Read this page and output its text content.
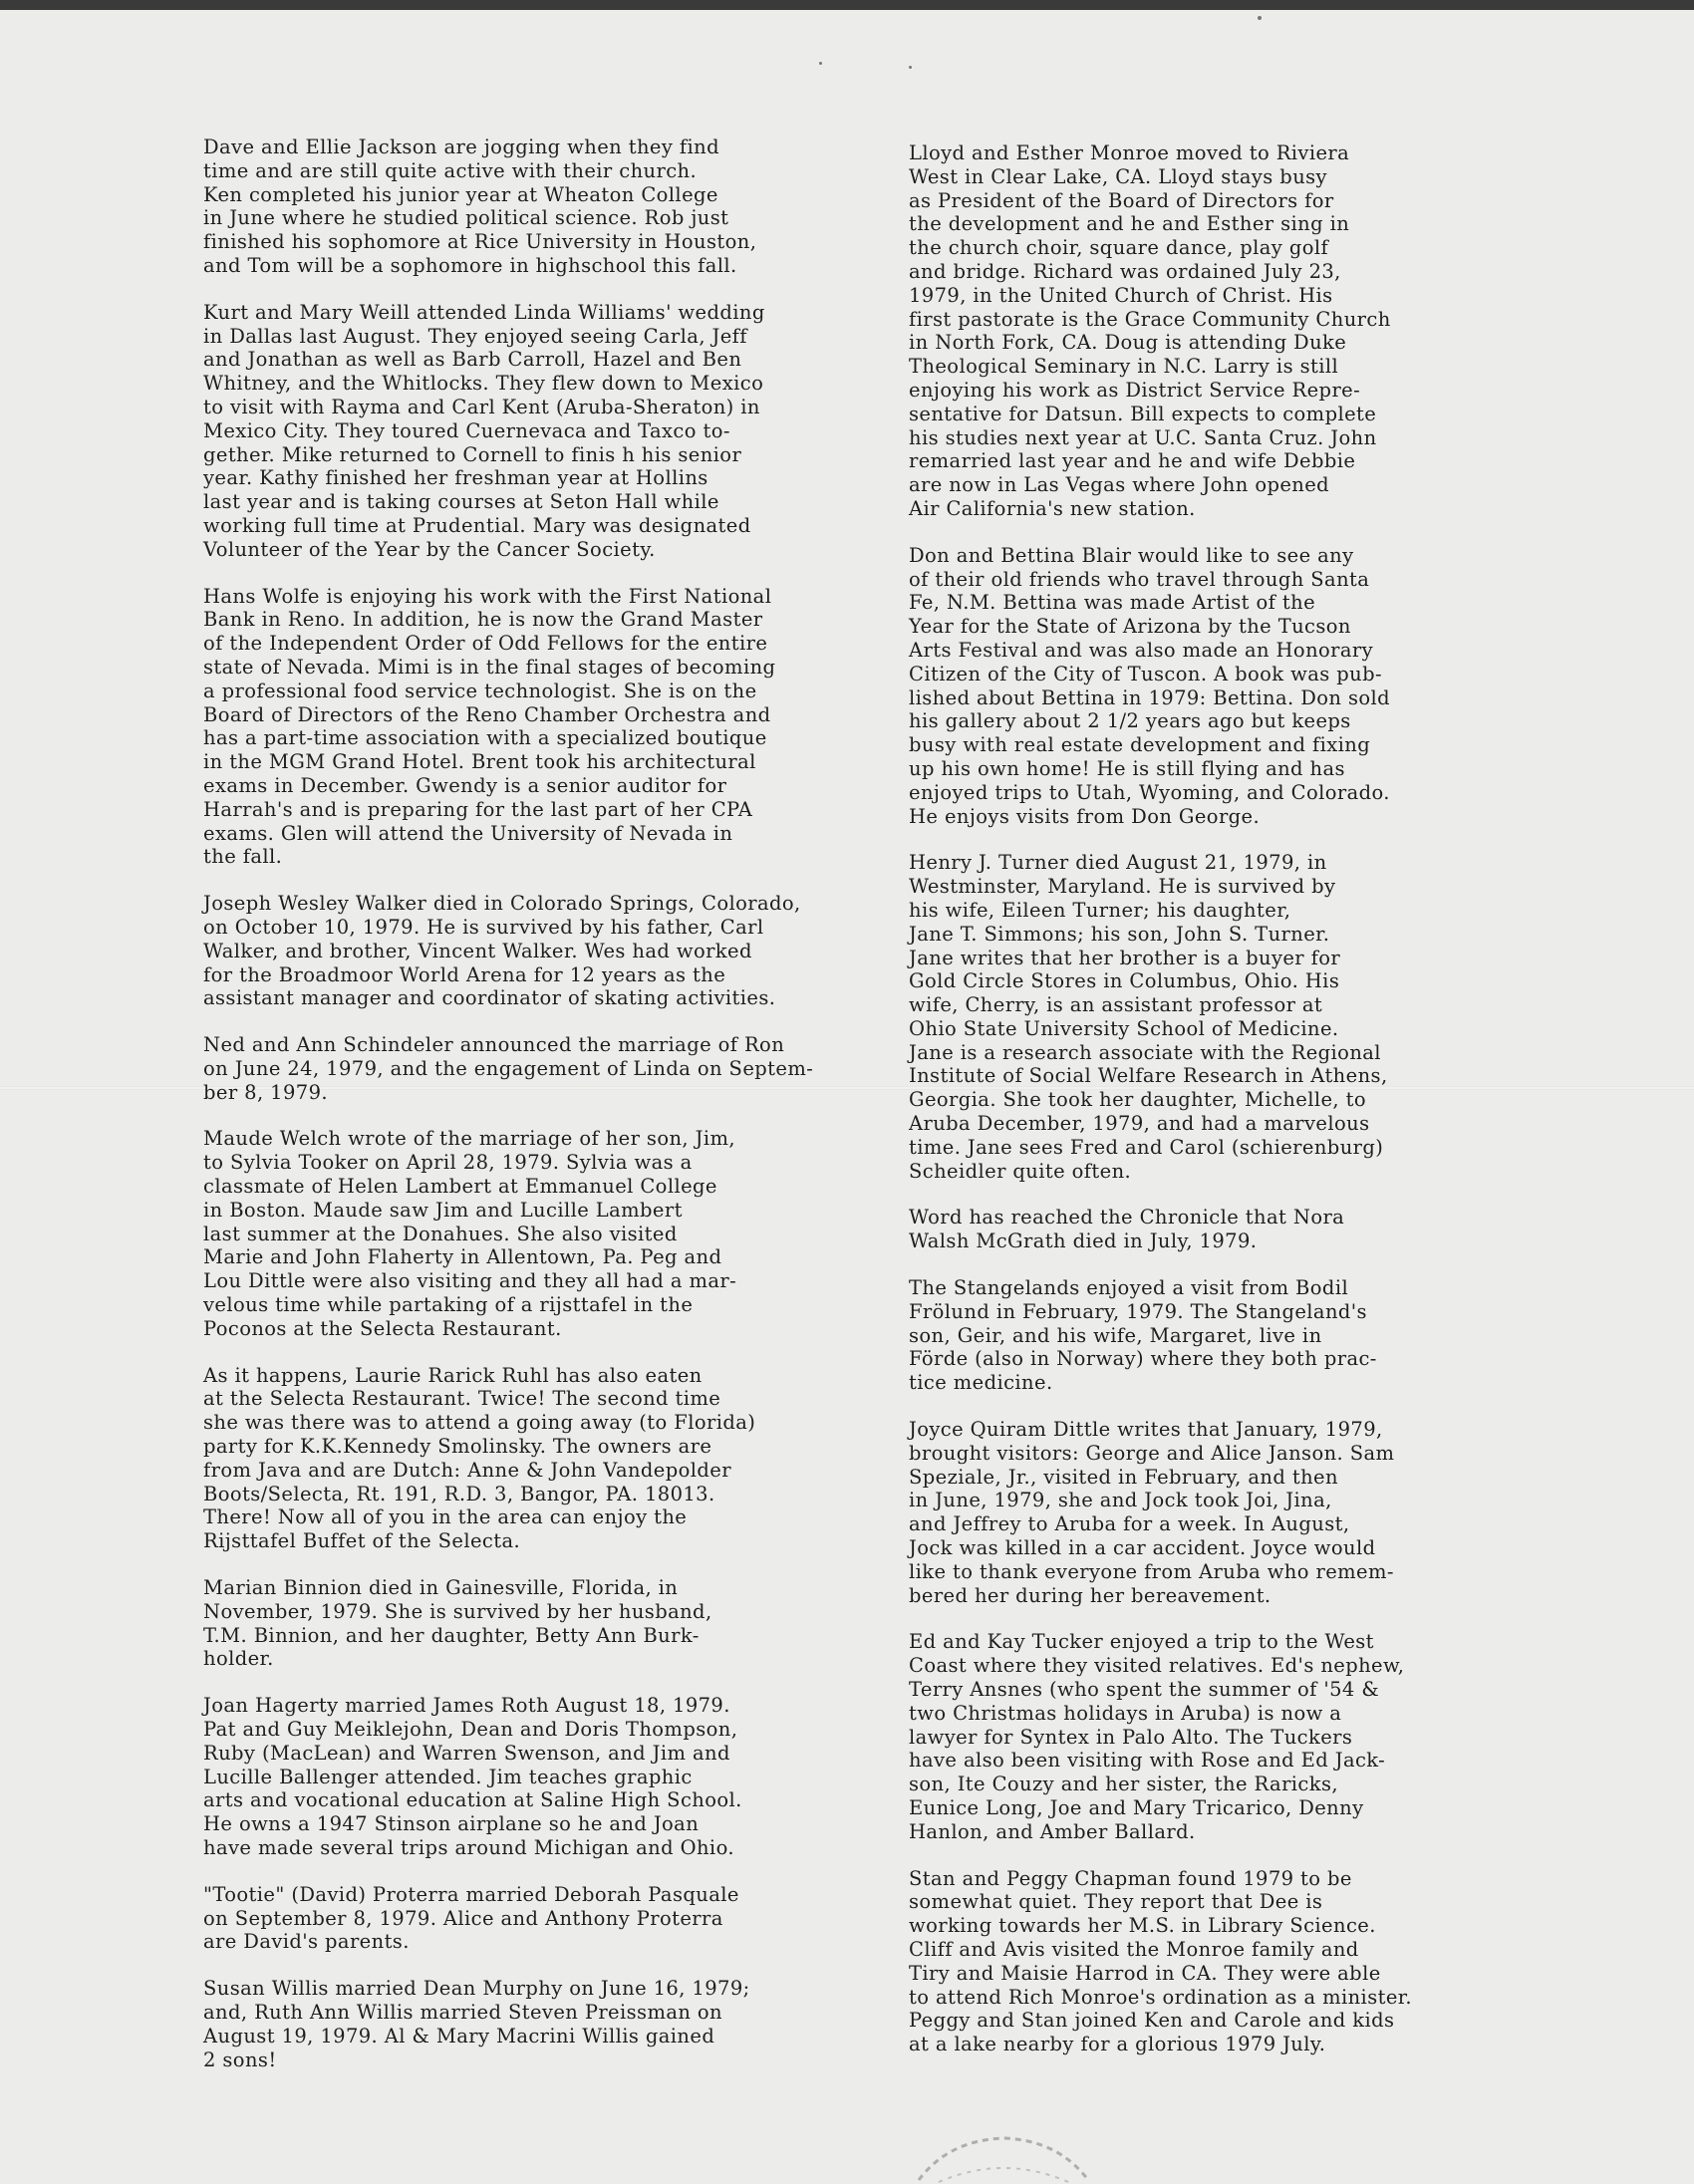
Dave and Ellie Jackson are jogging when they find
time and are still quite active with their church.
Ken completed his junior year at Wheaton College
in June where he studied political science. Rob just
finished his sophomore at Rice University in Houston,
and Tom will be a sophomore in highschool this fall.

Kurt and Mary Weill attended Linda Williams' wedding
in Dallas last August. They enjoyed seeing Carla, Jeff
and Jonathan as well as Barb Carroll, Hazel and Ben
Whitney, and the Whitlocks. They flew down to Mexico
to visit with Rayma and Carl Kent (Aruba-Sheraton) in
Mexico City. They toured Cuernevaca and Taxco to-
gether. Mike returned to Cornell to finis h his senior
year. Kathy finished her freshman year at Hollins
last year and is taking courses at Seton Hall while
working full time at Prudential. Mary was designated
Volunteer of the Year by the Cancer Society.

Hans Wolfe is enjoying his work with the First National
Bank in Reno. In addition, he is now the Grand Master
of the Independent Order of Odd Fellows for the entire
state of Nevada. Mimi is in the final stages of becoming
a professional food service technologist. She is on the
Board of Directors of the Reno Chamber Orchestra and
has a part-time association with a specialized boutique
in the MGM Grand Hotel. Brent took his architectural
exams in December. Gwendy is a senior auditor for
Harrah's and is preparing for the last part of her CPA
exams. Glen will attend the University of Nevada in
the fall.

Joseph Wesley Walker died in Colorado Springs, Colorado,
on October 10, 1979. He is survived by his father, Carl
Walker, and brother, Vincent Walker. Wes had worked
for the Broadmoor World Arena for 12 years as the
assistant manager and coordinator of skating activities.

Ned and Ann Schindeler announced the marriage of Ron
on June 24, 1979, and the engagement of Linda on Septem-
ber 8, 1979.

Maude Welch wrote of the marriage of her son, Jim,
to Sylvia Tooker on April 28, 1979. Sylvia was a
classmate of Helen Lambert at Emmanuel College
in Boston. Maude saw Jim and Lucille Lambert
last summer at the Donahues. She also visited
Marie and John Flaherty in Allentown, Pa. Peg and
Lou Dittle were also visiting and they all had a mar-
velous time while partaking of a rijsttafel in the
Poconos at the Selecta Restaurant.

As it happens, Laurie Rarick Ruhl has also eaten
at the Selecta Restaurant. Twice! The second time
she was there was to attend a going away (to Florida)
party for K.K.Kennedy Smolinsky. The owners are
from Java and are Dutch: Anne & John Vandepolder
Boots/Selecta, Rt. 191, R.D. 3, Bangor, PA. 18013.
There! Now all of you in the area can enjoy the
Rijsttafel Buffet of the Selecta.

Marian Binnion died in Gainesville, Florida, in
November, 1979. She is survived by her husband,
T.M. Binnion, and her daughter, Betty Ann Burk-
holder.

Joan Hagerty married James Roth August 18, 1979.
Pat and Guy Meiklejohn, Dean and Doris Thompson,
Ruby (MacLean) and Warren Swenson, and Jim and
Lucille Ballenger attended. Jim teaches graphic
arts and vocational education at Saline High School.
He owns a 1947 Stinson airplane so he and Joan
have made several trips around Michigan and Ohio.

"Tootie" (David) Proterra married Deborah Pasquale
on September 8, 1979. Alice and Anthony Proterra
are David's parents.

Susan Willis married Dean Murphy on June 16, 1979;
and, Ruth Ann Willis married Steven Preissman on
August 19, 1979. Al & Mary Macrini Willis gained
2 sons!

Lloyd and Esther Monroe moved to Riviera
West in Clear Lake, CA. Lloyd stays busy
as President of the Board of Directors for
the development and he and Esther sing in
the church choir, square dance, play golf
and bridge. Richard was ordained July 23,
1979, in the United Church of Christ. His
first pastorate is the Grace Community Church
in North Fork, CA. Doug is attending Duke
Theological Seminary in N.C. Larry is still
enjoying his work as District Service Repre-
sentative for Datsun. Bill expects to complete
his studies next year at U.C. Santa Cruz. John
remarried last year and he and wife Debbie
are now in Las Vegas where John opened
Air California's new station.

Don and Bettina Blair would like to see any
of their old friends who travel through Santa
Fe, N.M. Bettina was made Artist of the
Year for the State of Arizona by the Tucson
Arts Festival and was also made an Honorary
Citizen of the City of Tuscon. A book was pub-
lished about Bettina in 1979: Bettina. Don sold
his gallery about 2 1/2 years ago but keeps
busy with real estate development and fixing
up his own home! He is still flying and has
enjoyed trips to Utah, Wyoming, and Colorado.
He enjoys visits from Don George.

Henry J. Turner died August 21, 1979, in
Westminster, Maryland. He is survived by
his wife, Eileen Turner; his daughter,
Jane T. Simmons; his son, John S. Turner.
Jane writes that her brother is a buyer for
Gold Circle Stores in Columbus, Ohio. His
wife, Cherry, is an assistant professor at
Ohio State University School of Medicine.
Jane is a research associate with the Regional
Institute of Social Welfare Research in Athens,
Georgia. She took her daughter, Michelle, to
Aruba December, 1979, and had a marvelous
time. Jane sees Fred and Carol (schierenburg)
Scheidler quite often.

Word has reached the Chronicle that Nora
Walsh McGrath died in July, 1979.

The Stangelands enjoyed a visit from Bodil
Frölund in February, 1979. The Stangeland's
son, Geir, and his wife, Margaret, live in
Förde (also in Norway) where they both prac-
tice medicine.

Joyce Quiram Dittle writes that January, 1979,
brought visitors: George and Alice Janson. Sam
Speziale, Jr., visited in February, and then
in June, 1979, she and Jock took Joi, Jina,
and Jeffrey to Aruba for a week. In August,
Jock was killed in a car accident. Joyce would
like to thank everyone from Aruba who remem-
bered her during her bereavement.

Ed and Kay Tucker enjoyed a trip to the West
Coast where they visited relatives. Ed's nephew,
Terry Ansnes (who spent the summer of '54 &
two Christmas holidays in Aruba) is now a
lawyer for Syntex in Palo Alto. The Tuckers
have also been visiting with Rose and Ed Jack-
son, Ite Couzy and her sister, the Raricks,
Eunice Long, Joe and Mary Tricarico, Denny
Hanlon, and Amber Ballard.

Stan and Peggy Chapman found 1979 to be
somewhat quiet. They report that Dee is
working towards her M.S. in Library Science.
Cliff and Avis visited the Monroe family and
Tiry and Maisie Harrod in CA. They were able
to attend Rich Monroe's ordination as a minister.
Peggy and Stan joined Ken and Carole and kids
at a lake nearby for a glorious 1979 July.
